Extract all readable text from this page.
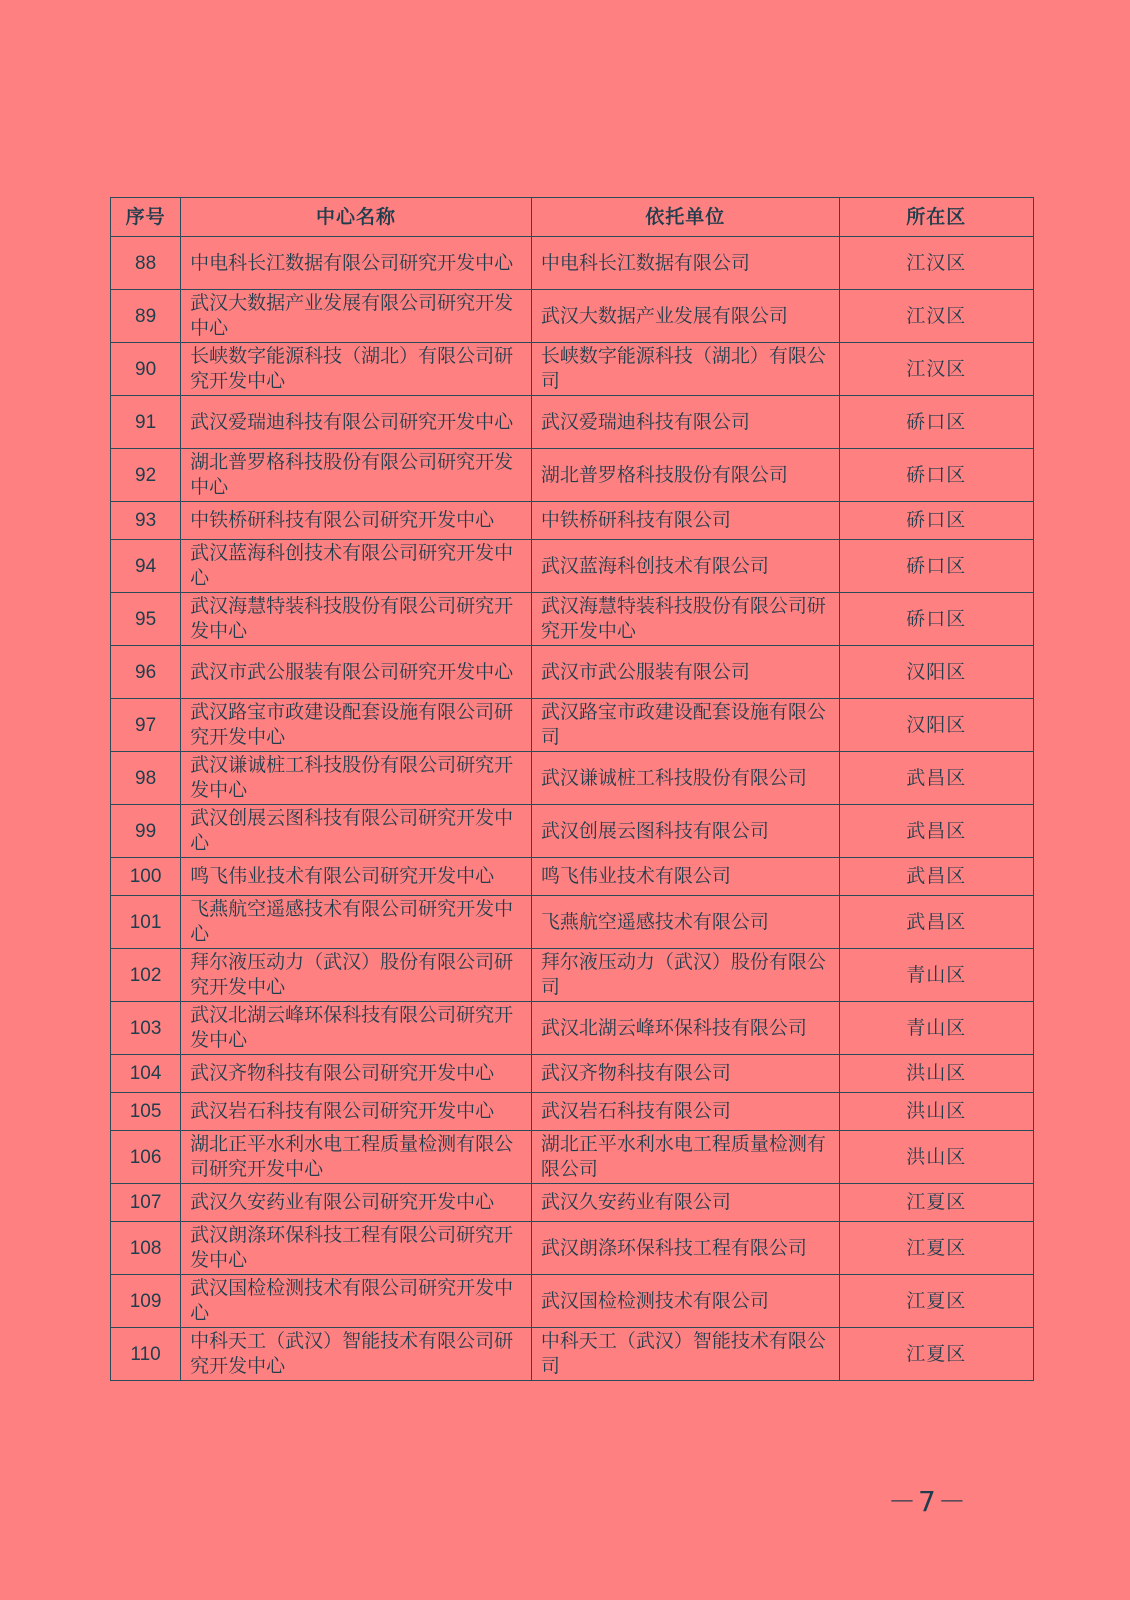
序号	中心名称	依托单位	所在区
88	中电科长江数据有限公司研究开发中心	中电科长江数据有限公司	江汉区
89	武汉大数据产业发展有限公司研究开发中心	武汉大数据产业发展有限公司	江汉区
90	长峡数字能源科技（湖北）有限公司研究开发中心	长峡数字能源科技（湖北）有限公司	江汉区
91	武汉爱瑞迪科技有限公司研究开发中心	武汉爱瑞迪科技有限公司	硚口区
92	湖北普罗格科技股份有限公司研究开发中心	湖北普罗格科技股份有限公司	硚口区
93	中铁桥研科技有限公司研究开发中心	中铁桥研科技有限公司	硚口区
94	武汉蓝海科创技术有限公司研究开发中心	武汉蓝海科创技术有限公司	硚口区
95	武汉海慧特装科技股份有限公司研究开发中心	武汉海慧特装科技股份有限公司研究开发中心	硚口区
96	武汉市武公服装有限公司研究开发中心	武汉市武公服装有限公司	汉阳区
97	武汉路宝市政建设配套设施有限公司研究开发中心	武汉路宝市政建设配套设施有限公司	汉阳区
98	武汉谦诚桩工科技股份有限公司研究开发中心	武汉谦诚桩工科技股份有限公司	武昌区
99	武汉创展云图科技有限公司研究开发中心	武汉创展云图科技有限公司	武昌区
100	鸣飞伟业技术有限公司研究开发中心	鸣飞伟业技术有限公司	武昌区
101	飞燕航空遥感技术有限公司研究开发中心	飞燕航空遥感技术有限公司	武昌区
102	拜尔液压动力（武汉）股份有限公司研究开发中心	拜尔液压动力（武汉）股份有限公司	青山区
103	武汉北湖云峰环保科技有限公司研究开发中心	武汉北湖云峰环保科技有限公司	青山区
104	武汉齐物科技有限公司研究开发中心	武汉齐物科技有限公司	洪山区
105	武汉岩石科技有限公司研究开发中心	武汉岩石科技有限公司	洪山区
106	湖北正平水利水电工程质量检测有限公司研究开发中心	湖北正平水利水电工程质量检测有限公司	洪山区
107	武汉久安药业有限公司研究开发中心	武汉久安药业有限公司	江夏区
108	武汉朗涤环保科技工程有限公司研究开发中心	武汉朗涤环保科技工程有限公司	江夏区
109	武汉国检检测技术有限公司研究开发中心	武汉国检检测技术有限公司	江夏区
110	中科天工（武汉）智能技术有限公司研究开发中心	中科天工（武汉）智能技术有限公司	江夏区
－7－
